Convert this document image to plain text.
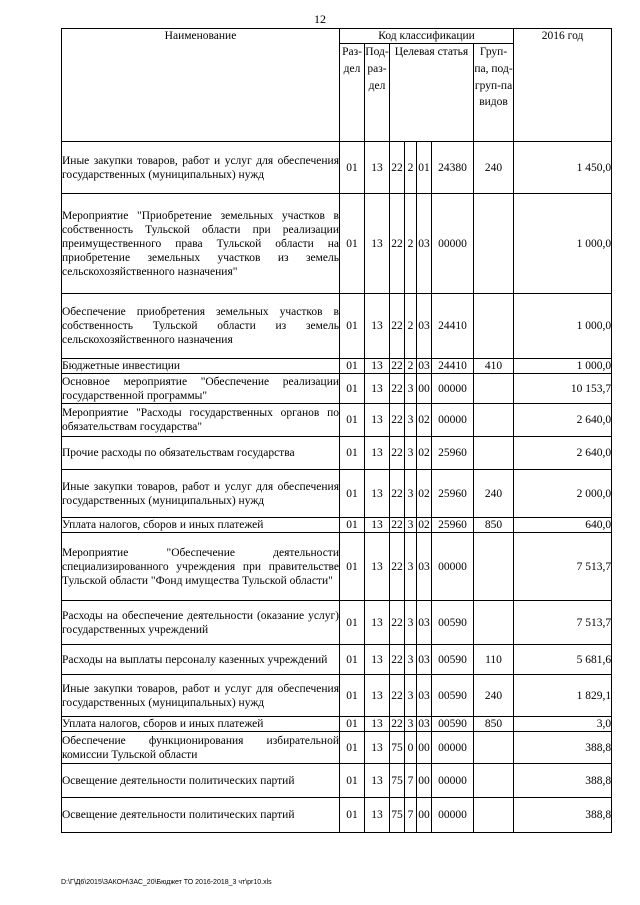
12
Наименование	Код классификации							2016 год
	Раз-дел	Под-раз-дел	Целевая статья				Груп-па, под-груп-па видов	
Иные закупки товаров, работ и услуг для обеспечения государственных (муниципальных) нужд	01	13	22	2	01	24380	240	1 450,0
Мероприятие "Приобретение земельных участков в собственность Тульской области при реализации преимущественного права Тульской области на приобретение земельных участков из земель сельскохозяйственного назначения"	01	13	22	2	03	00000		1 000,0
Обеспечение приобретения земельных участков в собственность Тульской области из земель сельскохозяйственного назначения	01	13	22	2	03	24410		1 000,0
Бюджетные инвестиции	01	13	22	2	03	24410	410	1 000,0
Основное мероприятие "Обеспечение реализации государственной программы"	01	13	22	3	00	00000		10 153,7
Мероприятие "Расходы государственных органов по обязательствам государства"	01	13	22	3	02	00000		2 640,0
Прочие расходы по обязательствам государства	01	13	22	3	02	25960		2 640,0
Иные закупки товаров, работ и услуг для обеспечения государственных (муниципальных) нужд	01	13	22	3	02	25960	240	2 000,0
Уплата налогов, сборов и иных платежей	01	13	22	3	02	25960	850	640,0
Мероприятие "Обеспечение деятельности специализированного учреждения при правительстве Тульской области "Фонд имущества Тульской области"	01	13	22	3	03	00000		7 513,7
Расходы на обеспечение деятельности (оказание услуг) государственных учреждений	01	13	22	3	03	00590		7 513,7
Расходы на выплаты персоналу казенных учреждений	01	13	22	3	03	00590	110	5 681,6
Иные закупки товаров, работ и услуг для обеспечения государственных (муниципальных) нужд	01	13	22	3	03	00590	240	1 829,1
Уплата налогов, сборов и иных платежей	01	13	22	3	03	00590	850	3,0
Обеспечение функционирования избирательной комиссии Тульской области	01	13	75	0	00	00000		388,8
Освещение деятельности политических партий	01	13	75	7	00	00000		388,8
Освещение деятельности политических партий	01	13	75	7	00	00000		388,8
D:\Г\Д6\2015\ЗАКОН\ЗАС_20\Бюджет ТО 2016-2018_3 чт\pr10.xls
